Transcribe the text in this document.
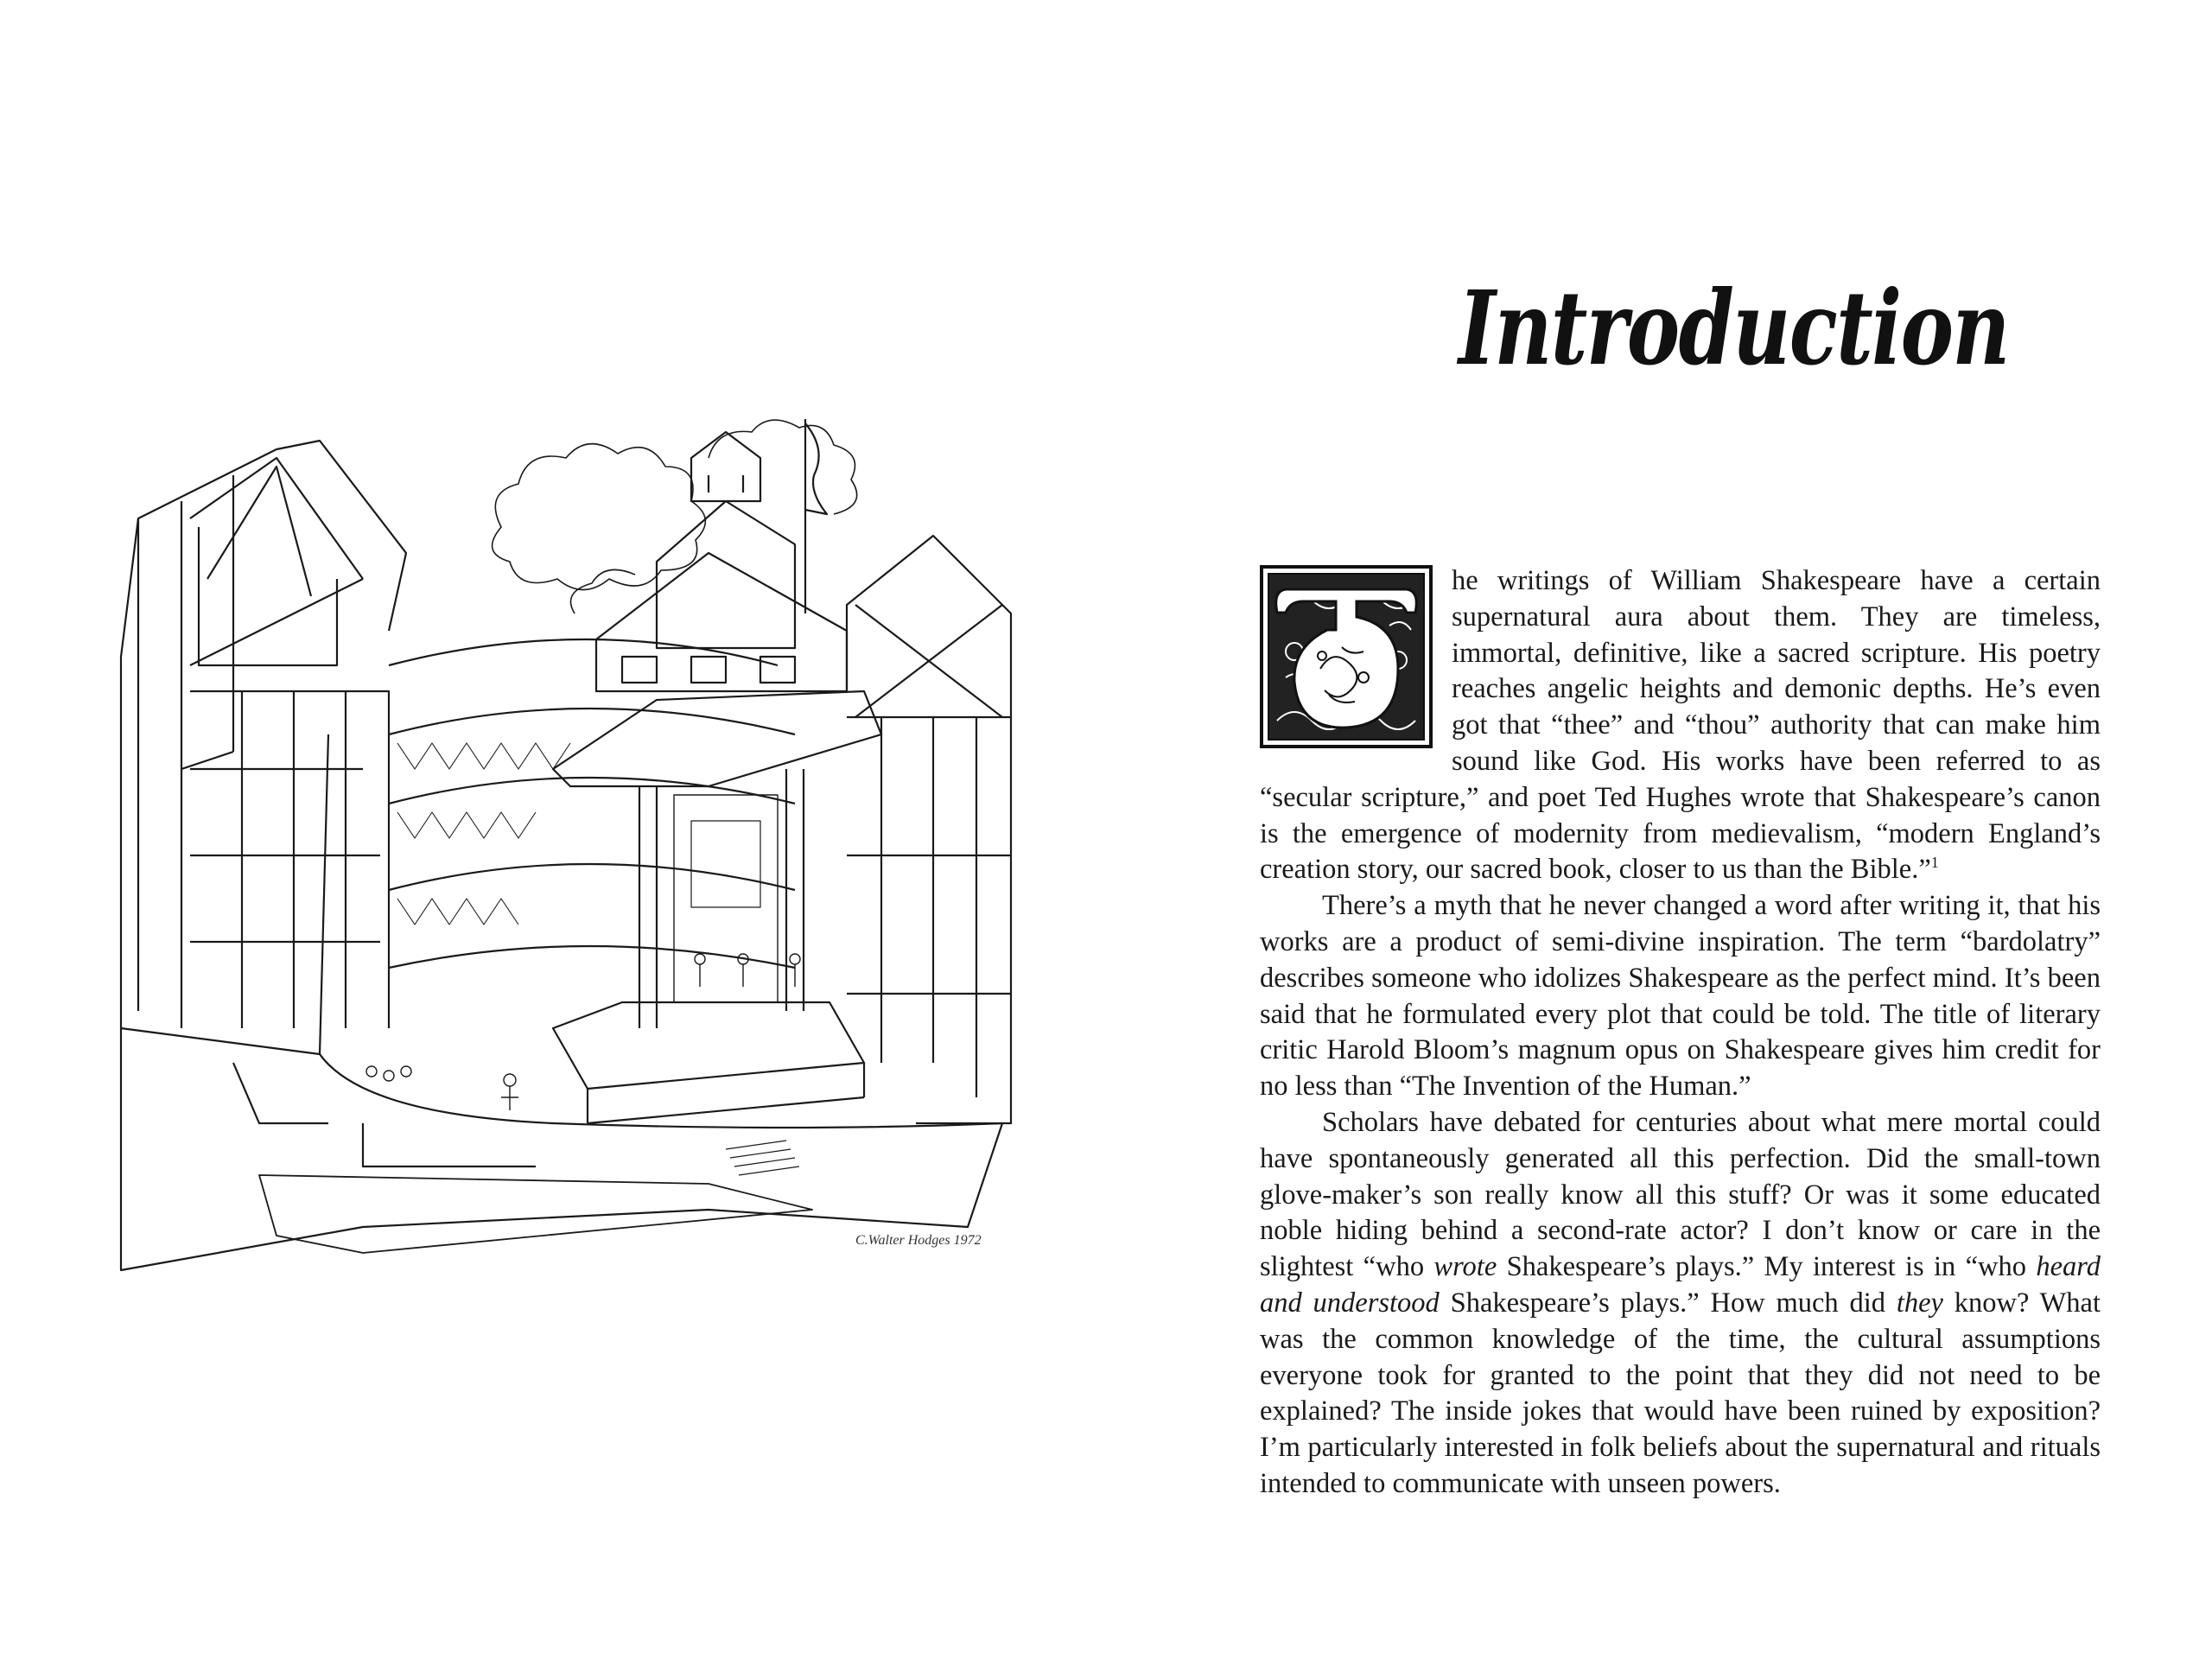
C.Walter Hodges 1972
Introduction

he writings of William Shakespeare have a certain supernatural aura about them. They are timeless, immortal, definitive, like a sacred scripture. His poetry reaches angelic heights and demonic depths. He’s even got that “thee” and “thou” authority that can make him sound like God. His works have been referred to as “secular scripture,” and poet Ted Hughes wrote that Shakespeare’s canon is the emergence of modernity from medievalism, “modern England’s creation story, our sacred book, closer to us than the Bible.”$^1$

There’s a myth that he never changed a word after writing it, that his works are a product of semi-divine inspiration. The term “bardolatry” describes someone who idolizes Shakespeare as the perfect mind. It’s been said that he formulated every plot that could be told. The title of literary critic Harold Bloom’s magnum opus on Shakespeare gives him credit for no less than “The Invention of the Human.”

Scholars have debated for centuries about what mere mortal could have spontaneously generated all this perfection. Did the small-town glove-maker’s son really know all this stuff? Or was it some educated noble hiding behind a second-rate actor? I don’t know or care in the slightest “who wrote Shakespeare’s plays.” My interest is in “who heard and understood Shakespeare’s plays.” How much did they know? What was the common knowledge of the time, the cultural assumptions everyone took for granted to the point that they did not need to be explained? The inside jokes that would have been ruined by exposition? I’m particularly interested in folk beliefs about the supernatural and rituals intended to communicate with unseen powers.
